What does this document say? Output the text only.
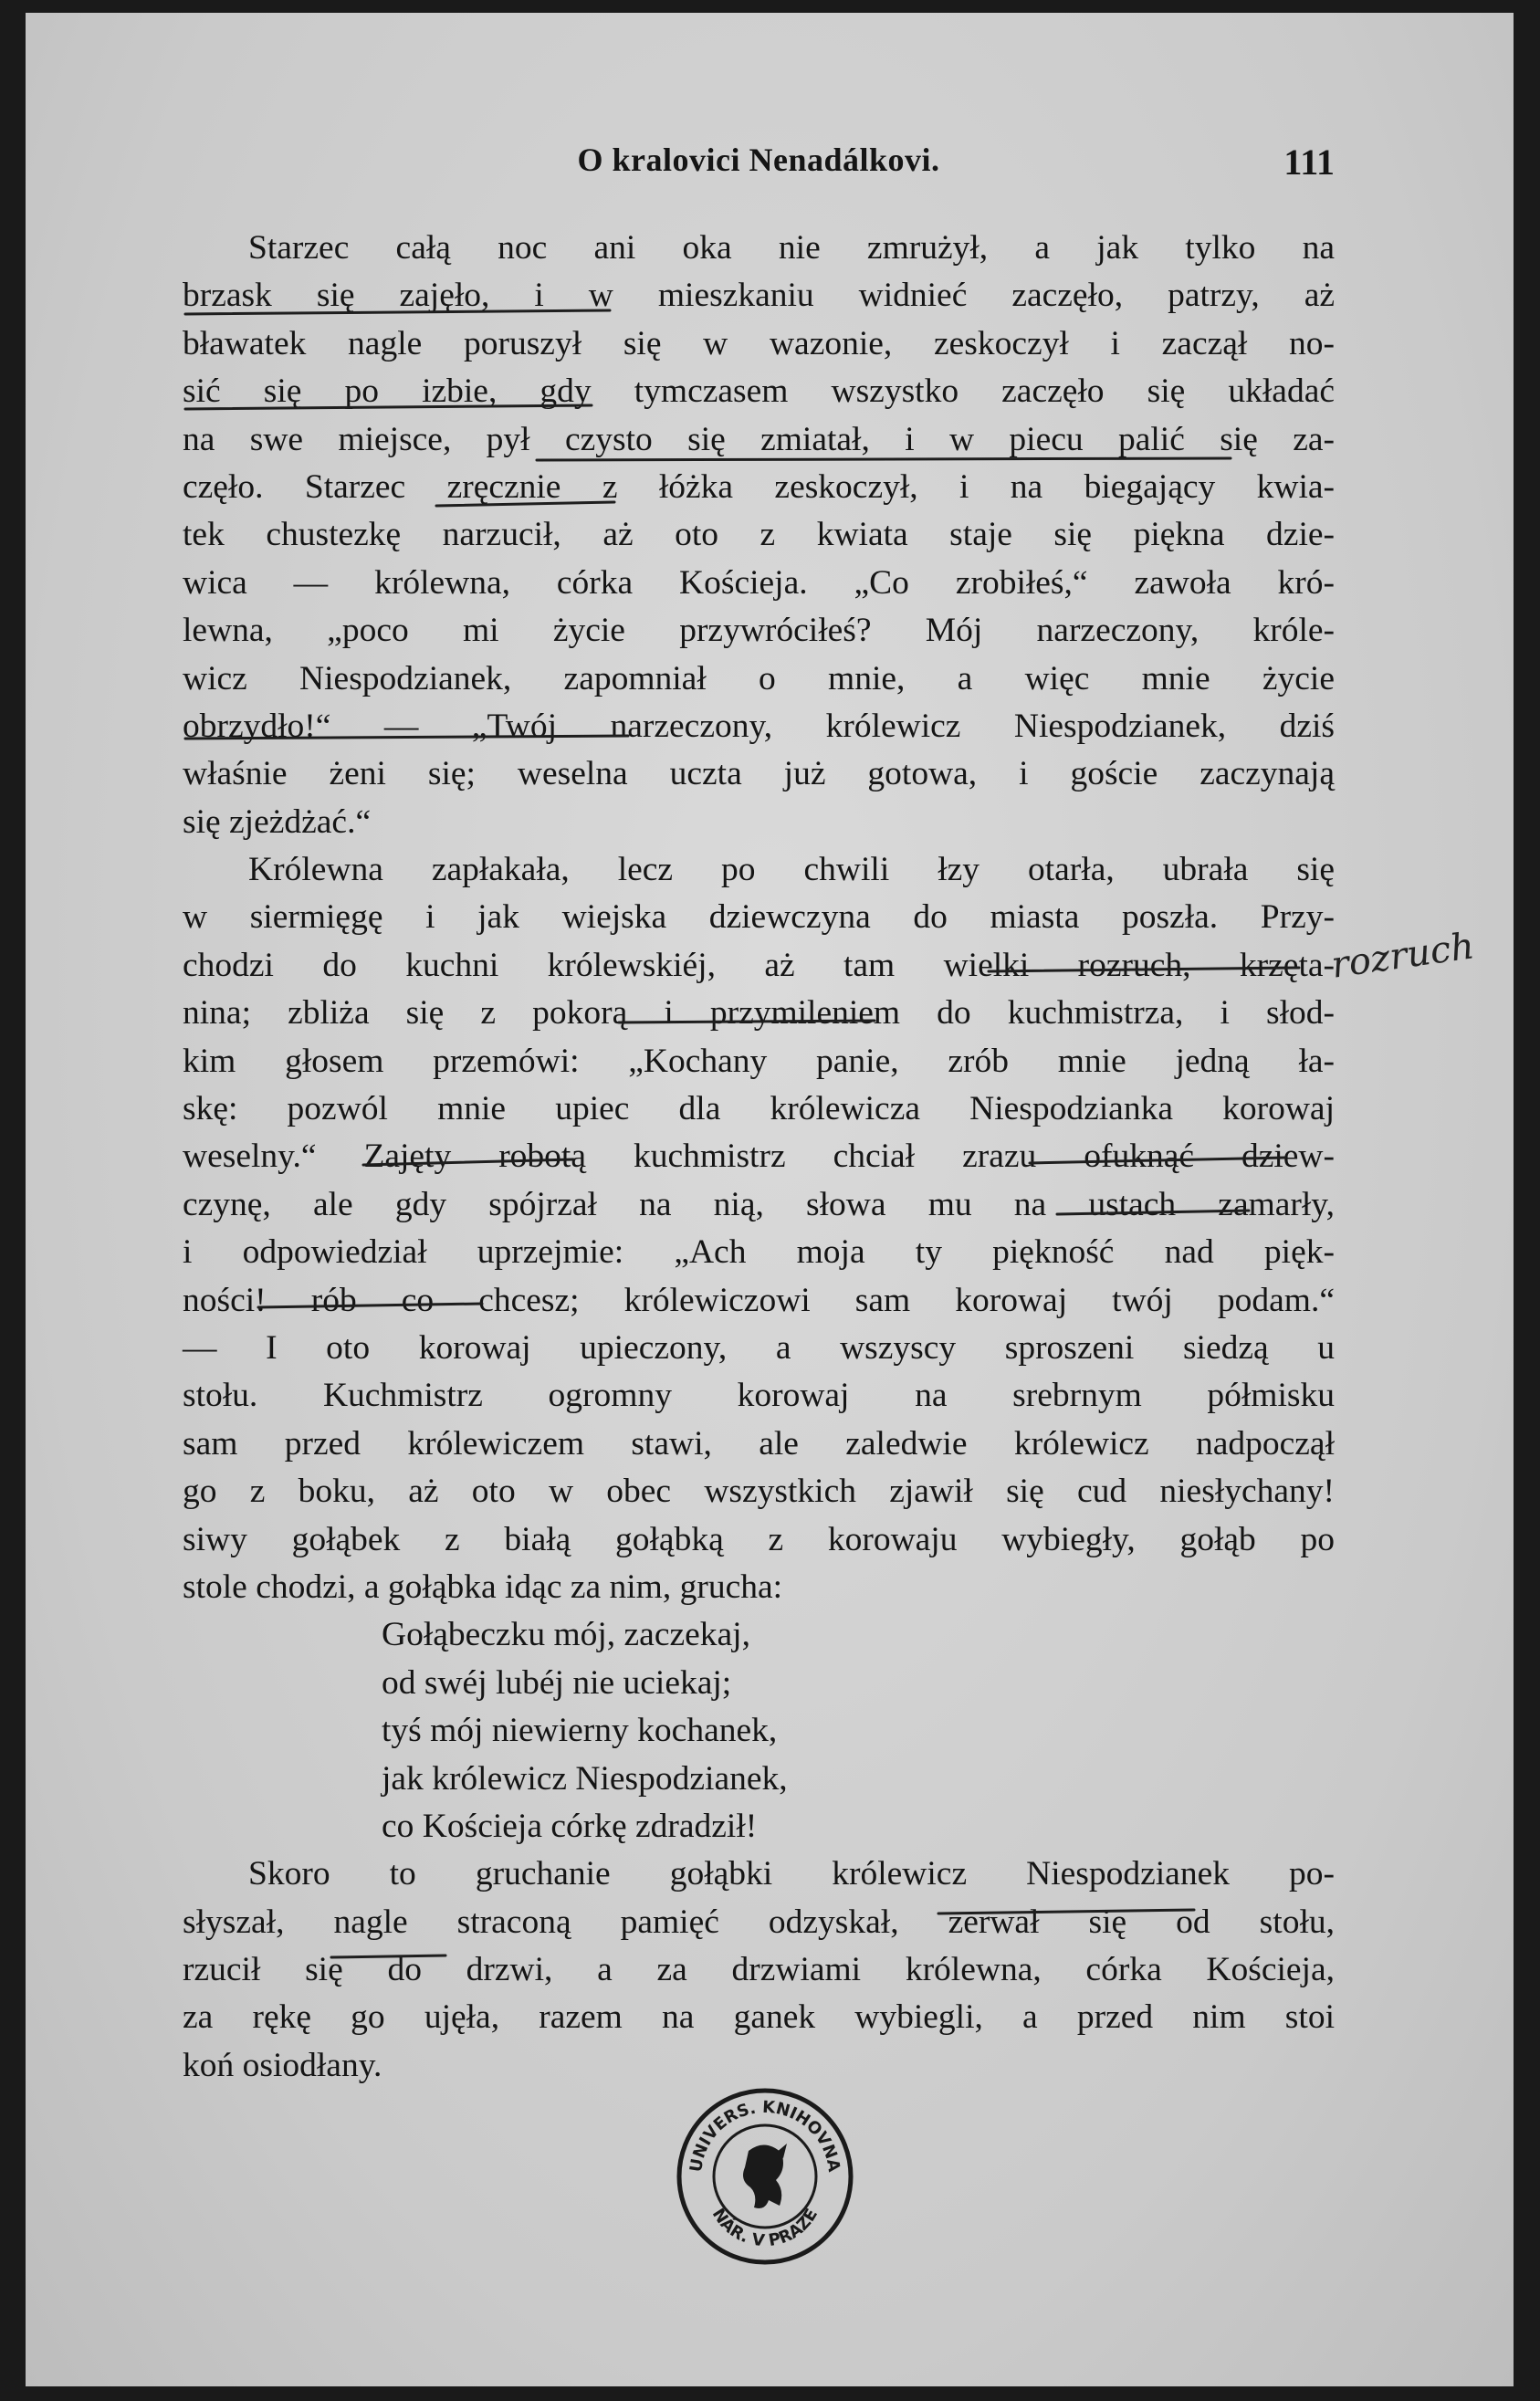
O kralovici Nenadálkovi.	111
Starzec całą noc ani oka nie zmrużył, a jak tylko na
brzask się zajęło, i w mieszkaniu widnieć zaczęło, patrzy, aż
bławatek nagle poruszył się w wazonie, zeskoczył i zaczął no-
sić się po izbie, gdy tymczasem wszystko zaczęło się układać
na swe miejsce, pył czysto się zmiatał, i w piecu palić się za-
częło. Starzec zręcznie z łóżka zeskoczył, i na biegający kwia-
tek chustezkę narzucił, aż oto z kwiata staje się piękna dzie-
wica — królewna, córka Kościeja. „Co zrobiłeś,“ zawoła kró-
lewna, „poco mi życie przywróciłeś? Mój narzeczony, króle-
wicz Niespodzianek, zapomniał o mnie, a więc mnie życie
obrzydło!“ — „Twój narzeczony, królewicz Niespodzianek, dziś
właśnie żeni się; weselna uczta już gotowa, i goście zaczynają
się zjeżdżać.“
Królewna zapłakała, lecz po chwili łzy otarła, ubrała się
w siermięgę i jak wiejska dziewczyna do miasta poszła. Przy-
chodzi do kuchni królewskiéj, aż tam wielki rozruch, krzęta-
nina; zbliża się z pokorą i przymileniem do kuchmistrza, i słod-
kim głosem przemówi: „Kochany panie, zrób mnie jedną ła-
skę: pozwól mnie upiec dla królewicza Niespodzianka korowaj
weselny.“ Zajęty robotą kuchmistrz chciał zrazu ofuknąć dziew-
czynę, ale gdy spójrzał na nią, słowa mu na ustach zamarły,
i odpowiedział uprzejmie: „Ach moja ty piękność nad pięk-
ności! rób co chcesz; królewiczowi sam korowaj twój podam.“
— I oto korowaj upieczony, a wszyscy sproszeni siedzą u
stołu. Kuchmistrz ogromny korowaj na srebrnym półmisku
sam przed królewiczem stawi, ale zaledwie królewicz nadpoczął
go z boku, aż oto w obec wszystkich zjawił się cud niesłychany!
siwy gołąbek z białą gołąbką z korowaju wybiegły, gołąb po
stole chodzi, a gołąbka idąc za nim, grucha:
Gołąbeczku mój, zaczekaj,
od swéj lubéj nie uciekaj;
tyś mój niewierny kochanek,
jak królewicz Niespodzianek,
co Kościeja córkę zdradził!
Skoro to gruchanie gołąbki królewicz Niespodzianek po-
słyszał, nagle straconą pamięć odzyskał, zerwał się od stołu,
rzucił się do drzwi, a za drzwiami królewna, córka Kościeja,
za rękę go ujęła, razem na ganek wybiegli, a przed nim stoi
koń osiodłany.
rozruch
UNIVERS. KNIHOVNA
NÁR. V PRAZE
